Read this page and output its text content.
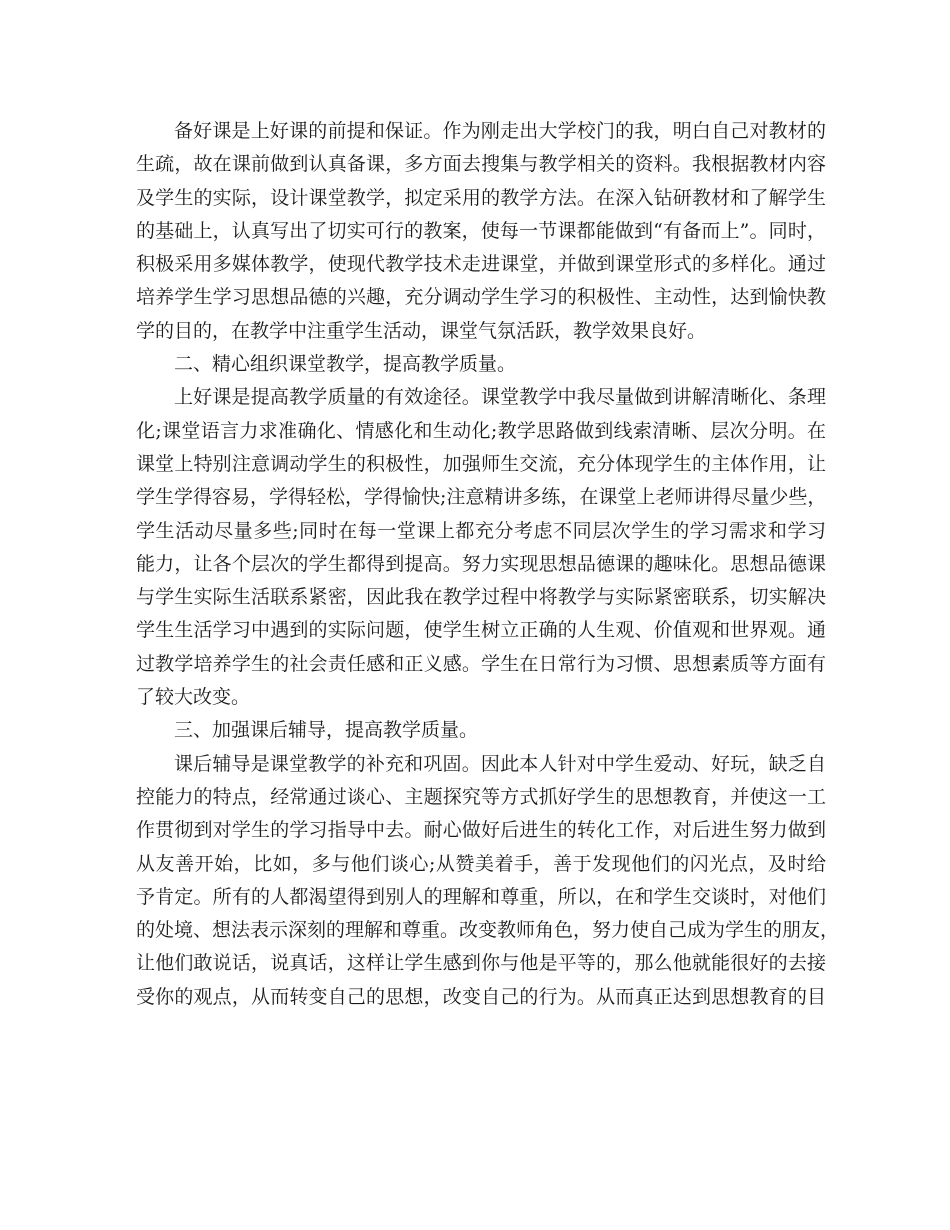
备好课是上好课的前提和保证。作为刚走出大学校门的我，明白自己对教材的
生疏，故在课前做到认真备课，多方面去搜集与教学相关的资料。我根据教材内容
及学生的实际，设计课堂教学，拟定采用的教学方法。在深入钻研教材和了解学生
的基础上，认真写出了切实可行的教案，使每一节课都能做到“有备而上”。同时，
积极采用多媒体教学，使现代教学技术走进课堂，并做到课堂形式的多样化。通过
培养学生学习思想品德的兴趣，充分调动学生学习的积极性、主动性，达到愉快教
学的目的，在教学中注重学生活动，课堂气氛活跃，教学效果良好。
二、精心组织课堂教学，提高教学质量。
上好课是提高教学质量的有效途径。课堂教学中我尽量做到讲解清晰化、条理
化;课堂语言力求准确化、情感化和生动化;教学思路做到线索清晰、层次分明。在
课堂上特别注意调动学生的积极性，加强师生交流，充分体现学生的主体作用，让
学生学得容易，学得轻松，学得愉快;注意精讲多练，在课堂上老师讲得尽量少些，
学生活动尽量多些;同时在每一堂课上都充分考虑不同层次学生的学习需求和学习
能力，让各个层次的学生都得到提高。努力实现思想品德课的趣味化。思想品德课
与学生实际生活联系紧密，因此我在教学过程中将教学与实际紧密联系，切实解决
学生生活学习中遇到的实际问题，使学生树立正确的人生观、价值观和世界观。通
过教学培养学生的社会责任感和正义感。学生在日常行为习惯、思想素质等方面有
了较大改变。
三、加强课后辅导，提高教学质量。
课后辅导是课堂教学的补充和巩固。因此本人针对中学生爱动、好玩，缺乏自
控能力的特点，经常通过谈心、主题探究等方式抓好学生的思想教育，并使这一工
作贯彻到对学生的学习指导中去。耐心做好后进生的转化工作，对后进生努力做到
从友善开始，比如，多与他们谈心;从赞美着手，善于发现他们的闪光点，及时给
予肯定。所有的人都渴望得到别人的理解和尊重，所以，在和学生交谈时，对他们
的处境、想法表示深刻的理解和尊重。改变教师角色，努力使自己成为学生的朋友，
让他们敢说话，说真话，这样让学生感到你与他是平等的，那么他就能很好的去接
受你的观点，从而转变自己的思想，改变自己的行为。从而真正达到思想教育的目
